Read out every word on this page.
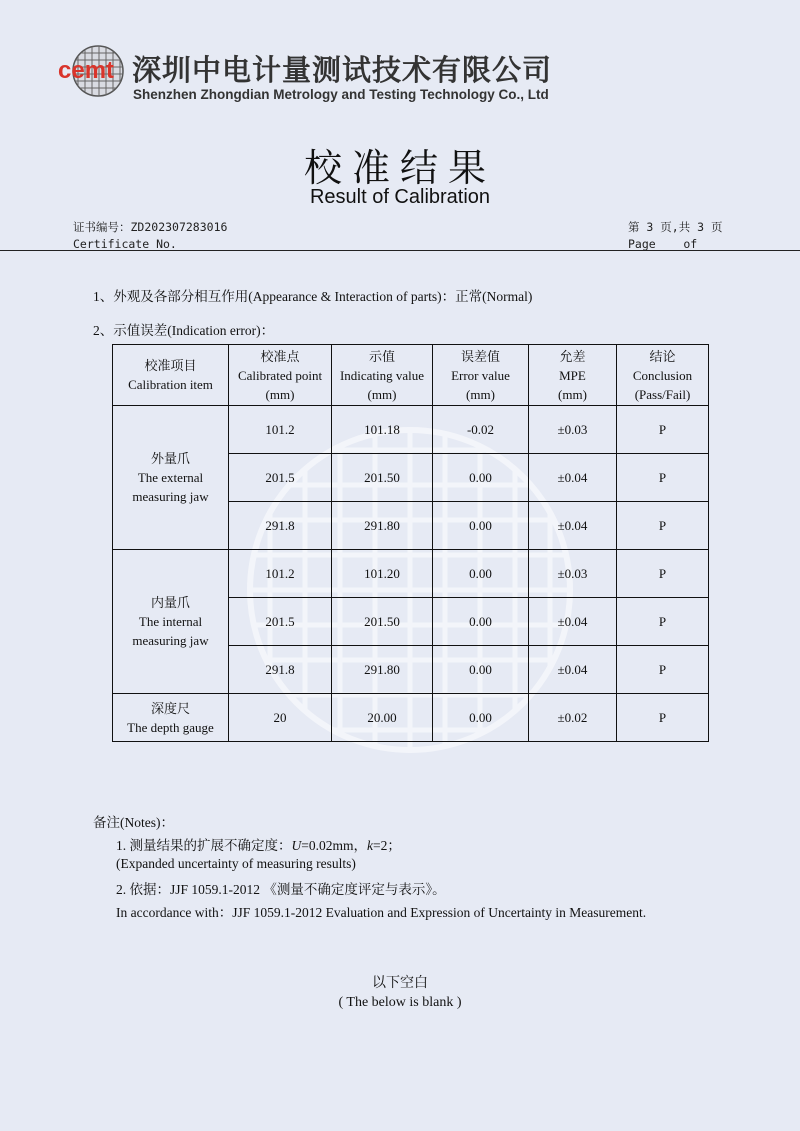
cemt 深圳中电计量测试技术有限公司
Shenzhen Zhongdian Metrology and Testing Technology Co., Ltd
校准结果
Result of Calibration
证书编号：ZD202307283016
Certificate No.
第 3 页,共 3 页
Page    of
1、外观及各部分相互作用(Appearance & Interaction of parts)：正常(Normal)
2、示值误差(Indication error)：
校准项目
Calibration item	校准点
Calibrated point
(mm)	示值
Indicating value
(mm)	误差值
Error value
(mm)	允差
MPE
(mm)	结论
Conclusion
(Pass/Fail)

外量爪
The external
measuring jaw	101.2	101.18	-0.02	±0.03	P
	201.5	201.50	0.00	±0.04	P
	291.8	291.80	0.00	±0.04	P

内量爪
The internal
measuring jaw	101.2	101.20	0.00	±0.03	P
	201.5	201.50	0.00	±0.04	P
	291.8	291.80	0.00	±0.04	P

深度尺
The depth gauge	20	20.00	0.00	±0.02	P
备注(Notes)：
1. 测量结果的扩展不确定度：U=0.02mm，k=2；
(Expanded uncertainty of measuring results)
2. 依据：JJF 1059.1-2012 《测量不确定度评定与表示》。
In accordance with：JJF 1059.1-2012 Evaluation and Expression of Uncertainty in Measurement.
以下空白
( The below is blank )
